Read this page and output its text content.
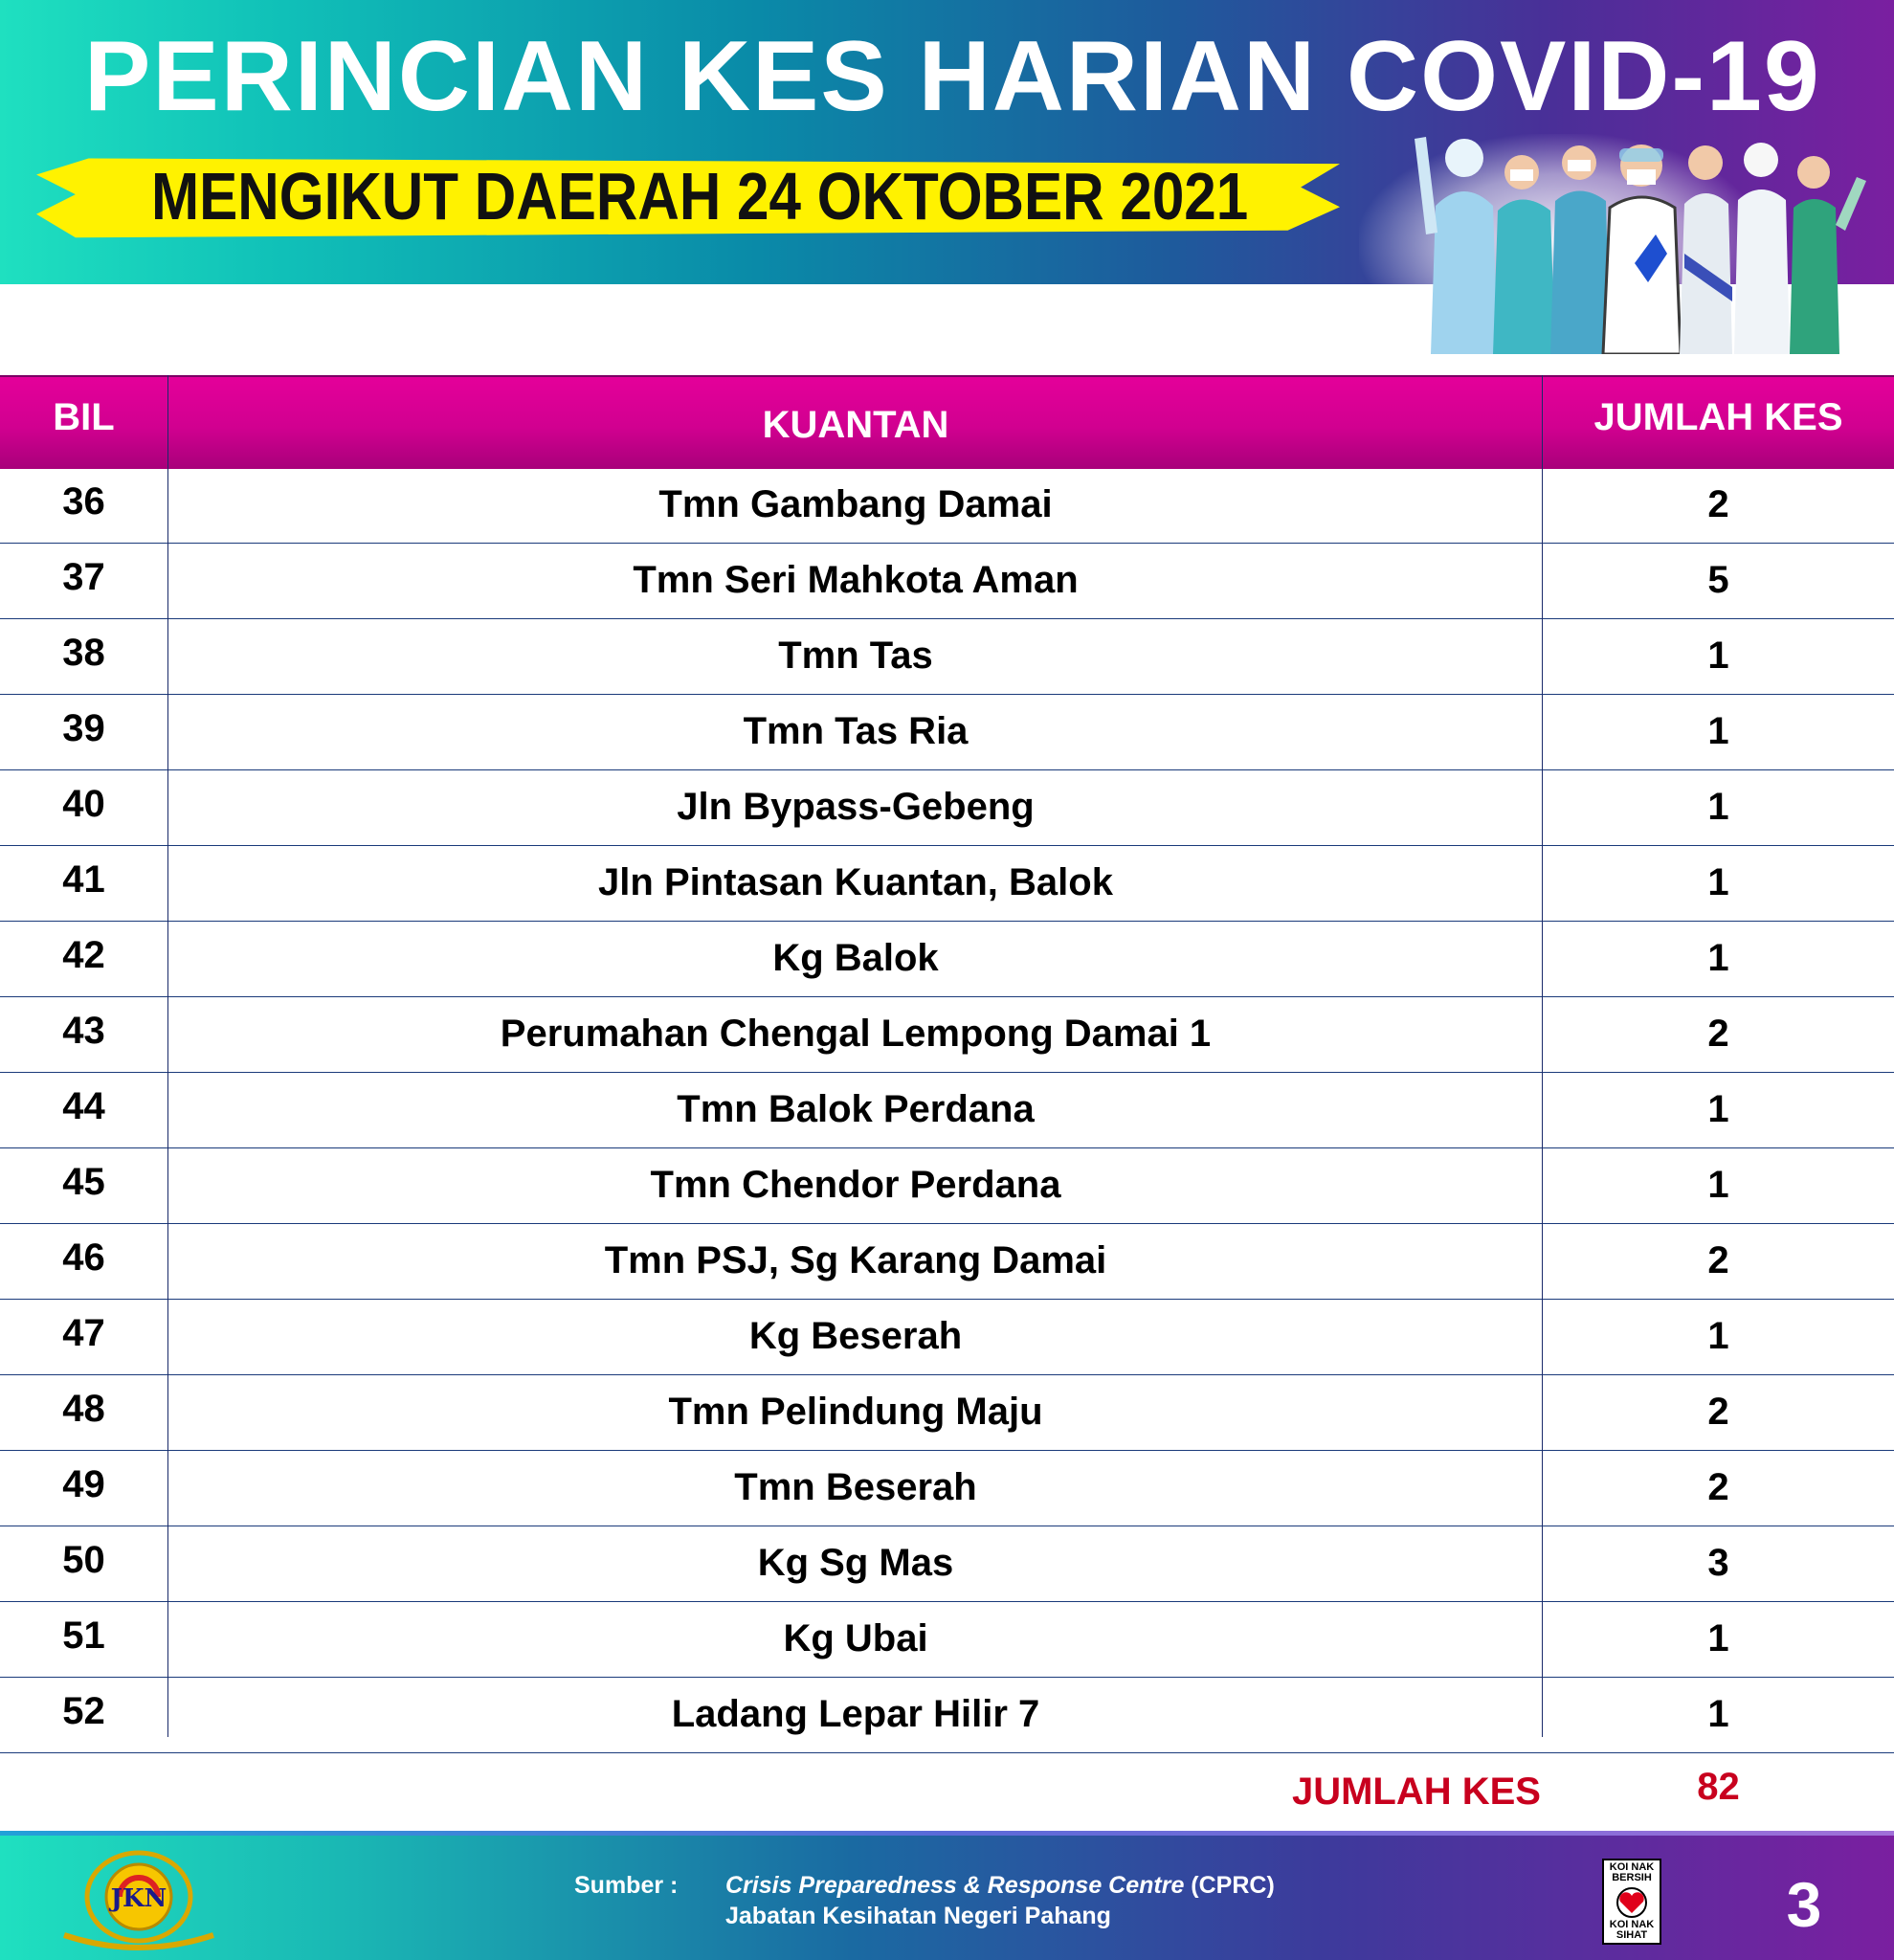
PERINCIAN KES HARIAN COVID-19
MENGIKUT DAERAH 24 OKTOBER 2021
BIL	KUANTAN	JUMLAH KES
36	Tmn Gambang Damai	2
37	Tmn Seri Mahkota Aman	5
38	Tmn Tas	1
39	Tmn Tas Ria	1
40	Jln Bypass-Gebeng	1
41	Jln Pintasan Kuantan, Balok	1
42	Kg Balok	1
43	Perumahan Chengal Lempong Damai 1	2
44	Tmn Balok Perdana	1
45	Tmn Chendor Perdana	1
46	Tmn PSJ, Sg Karang Damai	2
47	Kg Beserah	1
48	Tmn Pelindung Maju	2
49	Tmn Beserah	2
50	Kg Sg Mas	3
51	Kg Ubai	1
52	Ladang Lepar Hilir 7	1
JUMLAH KES	82
JKN	Sumber :	Crisis Preparedness & Response Centre (CPRC)
Jabatan Kesihatan Negeri Pahang
KOI NAK BERSIH
KOI NAK SIHAT	3
